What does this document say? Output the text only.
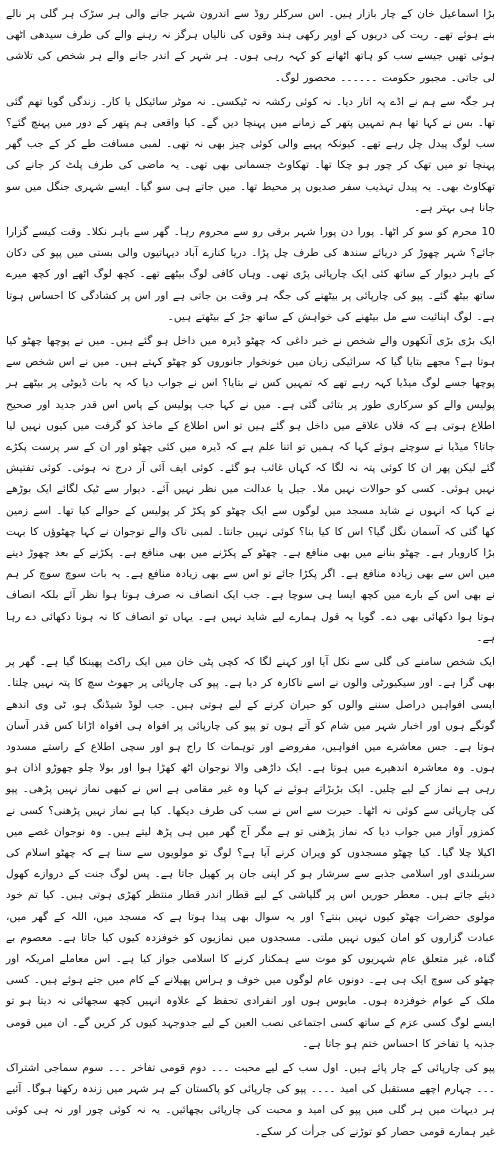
بڑا اسماعیل خان کے چار بازار ہیں۔ اس سرکلر روڈ سے اندرون شہر جانے والی ہر سڑک ہر گلی پر نالے بنے ہوئے تھے۔ ریت کی دریوں کے اوپر رکھی ہند وقوں کی نالیاں ہرگز نہ رہنے والے کی طرف سیدھی اٹھی ہوئی تھیں جیسے سب کو ہاتھ اٹھانے کو کہہ رہی ہوں۔ ہر شہر کے اندر جانے والے ہر شخص کی تلاشی لی جاتی۔ مجبور حکومت ۔۔۔۔۔۔ محصور لوگ۔

ہر جگہ سے ہم نے اڈے پہ اتار دیا۔ نہ کوئی رکشہ نہ ٹیکسی۔ نہ موٹر سائیکل یا کار۔ زندگی گویا تھم گئی تھا۔ بس نے کہا تھا ہم تمہیں پتھر کے زمانے میں پہنچا دیں گے۔ کیا واقعی ہم پتھر کے دور میں پہنچ گئے؟ سب لوگ پیدل چل رہے تھے۔ کیونکہ پہیے والی کوئی چیز بھی نہ تھی۔ لمبی مسافت طے کر کے جب گھر پہنچا تو میں تھک کر چور ہو چکا تھا۔ تھکاوٹ جسمانی بھی تھی۔ یہ ماضی کی طرف پلٹ کر جانے کی تھکاوٹ بھی۔ یہ پیدل تہذیب سفر صدیوں پر محیط تھا۔ میں جاتے ہی سو گیا۔ ایسے شہری جنگل میں سو جانا ہی بہتر ہے۔

10 محرم کو سو کر اٹھا۔ پورا دن پورا شہر برقی رو سے محروم رہا۔ گھر سے باہر نکلا۔ وقت کیسے گزارا جائے؟ شہر چھوڑ کر دریائے سندھ کی طرف چل پڑا۔ دریا کنارے آباد دیہاتیوں والی بستی میں پپو کی دکان کے باہر دیوار کے ساتھ کئی ایک چارپائی پڑی تھی۔ وہاں کافی لوگ بیٹھے تھے۔ کچھ لوگ اٹھے اور کچھ میرے ساتھ بیٹھ گئے۔ پپو کی چارپائی پر بیٹھنے کی جگہ ہر وقت بن جاتی ہے اور اس پر کشادگی کا احساس ہوتا ہے۔ لوگ اپنائیت سے مل بیٹھنے کی خواہش کے ساتھ جڑ کے بیٹھتے ہیں۔

ایک بڑی بڑی آنکھوں والے شخص نے خبر داغی کہ چھٹو ڈیرہ میں داخل ہو گئے ہیں۔ میں نے پوچھا چھٹو کیا ہوتا ہے؟ مجھے بتایا گیا کہ سرائیکی زبان میں خونخوار جانوروں کو چھٹو کہتے ہیں۔ میں نے اس شخص سے پوچھا جسے لوگ میڈیا کہہ رہے تھے کہ تمہیں کس نے بتایا؟ اس نے جواب دیا کہ یہ بات ڈیوٹی پر بیٹھے ہر پولیس والے کو سرکاری طور پر بتائی گئی ہے۔ میں نے کہا جب پولیس کے پاس اس قدر جدید اور صحیح اطلاع ہوتی ہے کہ فلاں علاقے میں داخل ہو گئے ہیں تو اس اطلاع کے ماخذ کو گرفت میں کیوں نہیں لیا جاتا؟ میڈیا نے سوچتے ہوئے کہا کہ ہمیں تو اتنا علم ہے کہ ڈیرہ میں کئی چھٹو اور ان کے سر پرست پکڑے گئے لیکن پھر ان کا کوئی پتہ نہ لگا کہ کہاں غائب ہو گئے۔ کوئی ایف آئی آر درج نہ ہوئی۔ کوئی تفتیش نہیں ہوئی۔ کسی کو حوالات نہیں ملا۔ جیل یا عدالت میں نظر نہیں آئے۔ دیوار سے ٹیک لگائے ایک بوڑھے نے کہا کہ انہوں نے شاید مسجد میں لوگوں سے ایک چھٹو کو پکڑ کر پولیس کے حوالے کیا تھا۔ اسے زمین کھا گئی کہ آسمان نگل گیا؟ اس کا کیا بنا؟ کوئی نہیں جانتا۔ لمبی ناک والے نوجوان نے کہا چھٹوؤں کا بہت بڑا کاروبار ہے۔ چھٹو بنانے میں بھی منافع ہے۔ چھٹو کے پکڑنے میں بھی منافع ہے۔ پکڑنے کے بعد چھوڑ دینے میں اس سے بھی زیادہ منافع ہے۔ اگر پکڑا جائے تو اس سے بھی زیادہ منافع ہے۔ یہ بات سوچ سوچ کر ہم نے بھی اس کے بارے میں کچھ ایسا ہی سوچا ہے۔ جب ایک انصاف نہ صرف ہوتا ہوا نظر آئے بلکہ انصاف ہوتا ہوا دکھائی بھی دے۔ گویا یہ قول ہمارے لیے شاید نہیں ہے۔ یہاں تو انصاف کا نہ ہونا دکھائی دے رہا ہے۔

ایک شخص سامنے کی گلی سے نکل آیا اور کہنے لگا کہ کچی پٹی خان میں ایک راکٹ پھینکا گیا ہے۔ گھر پر بھی گرا ہے۔ اور سیکیورٹی والوں نے اسے ناکارہ کر دیا ہے۔ پپو کی چارپائی پر جھوٹ سچ کا پتہ نہیں چلتا۔ ایسی افواہیں دراصل سننے والوں کو حیران کرنے کے لیے ہوتی ہیں۔ جب لوڈ شیڈنگ ہو، ٹی وی اندھے گونگے ہوں اور اخبار شہر میں شام کو آتے ہوں تو پپو کی چارپائی پر افواہ ہی افواہ اڑانا کس قدر آسان ہوتا ہے۔ جس معاشرے میں افواہیں، مفروضے اور توہمات کا راج ہو اور سچی اطلاع کے راستے مسدود ہوں۔ وہ معاشرہ اندھیرے میں ہوتا ہے۔ ایک داڑھی والا نوجوان اٹھ کھڑا ہوا اور بولا چلو چھوڑو اذان ہو رہی ہے نماز کے لیے چلیں۔ ایک بڑبڑاتے ہوئے نے کہا وہ غیر مقامی ہے اس نے کبھی نماز نہیں پڑھی۔ پپو کی چارپائی سے کوئی نہ اٹھا۔ حیرت سے اس نے سب کی طرف دیکھا۔ کیا ہے نماز نہیں پڑھنی؟ کسی نے کمزور آواز میں جواب دیا کہ نماز پڑھنی تو ہے مگر آج گھر میں ہی پڑھ لیتے ہیں۔ وہ نوجوان غصے میں اکیلا چلا گیا۔ کیا چھٹو مسجدوں کو ویران کرنے آیا ہے؟ لوگ تو مولویوں سے سنا ہے کہ چھٹو اسلام کی سربلندی اور اسلامی جذبے سے سرشار ہو کر اپنی جان پر کھیل جاتا ہے۔ پس لوگ جنت کے دروازے کھول دیئے جاتے ہیں۔ معطر حوریں اس پر گلپاشی کے لیے قطار اندر قطار منتظر کھڑی ہوتی ہیں۔ کیا تم خود مولوی حضرات چھٹو کیوں نہیں بنتے؟ اور یہ سوال بھی پیدا ہوتا ہے کہ مسجد میں، اللہ کے گھر میں، عبادت گزاروں کو امان کیوں نہیں ملتی۔ مسجدوں میں نمازیوں کو خوفزدہ کیوں کیا جاتا ہے۔ معصوم بے گناہ، غیر متعلق عام شہریوں کو موت سے ہمکنار کرنے کا اسلامی جواز کیا ہے۔ اس معاملے امریکہ اور چھٹو کی سوچ ایک ہی ہے۔ دونوں عام لوگوں میں خوف و ہراس پھیلانے کے کام میں جتے ہوئے ہیں۔ کسی ملک کے عوام خوفزدہ ہوں۔ مایوس ہوں اور انفرادی تحفظ کے علاوہ انہیں کچھ سجھائی نہ دیتا ہو تو ایسے لوگ کسی عزم کے ساتھ کسی اجتماعی نصب العین کے لیے جدوجہد کیوں کر کریں گے۔ ان میں قومی جذبہ یا تفاخر کا احساس ختم ہو جاتا ہے۔

پپو کی چارپائی کے چار پائے ہیں۔ اول سب کے لیے محبت ۔۔۔ دوم قومی تفاخر ۔۔۔ سوم سماجی اشتراک ۔۔۔ چہارم اچھے مستقبل کی امید ۔۔۔۔ پپو کی چارپائی کو پاکستان کے ہر شہر میں زندہ رکھنا ہوگا۔ آئیے ہر دیہات میں ہر گلی میں پپو کی امید و محبت کی چارپائی بچھائیں۔ یہ نہ کوئی چور اور نہ ہی کوئی غیر ہمارے قومی حصار کو توڑنے کی جرأت کر سکے۔
